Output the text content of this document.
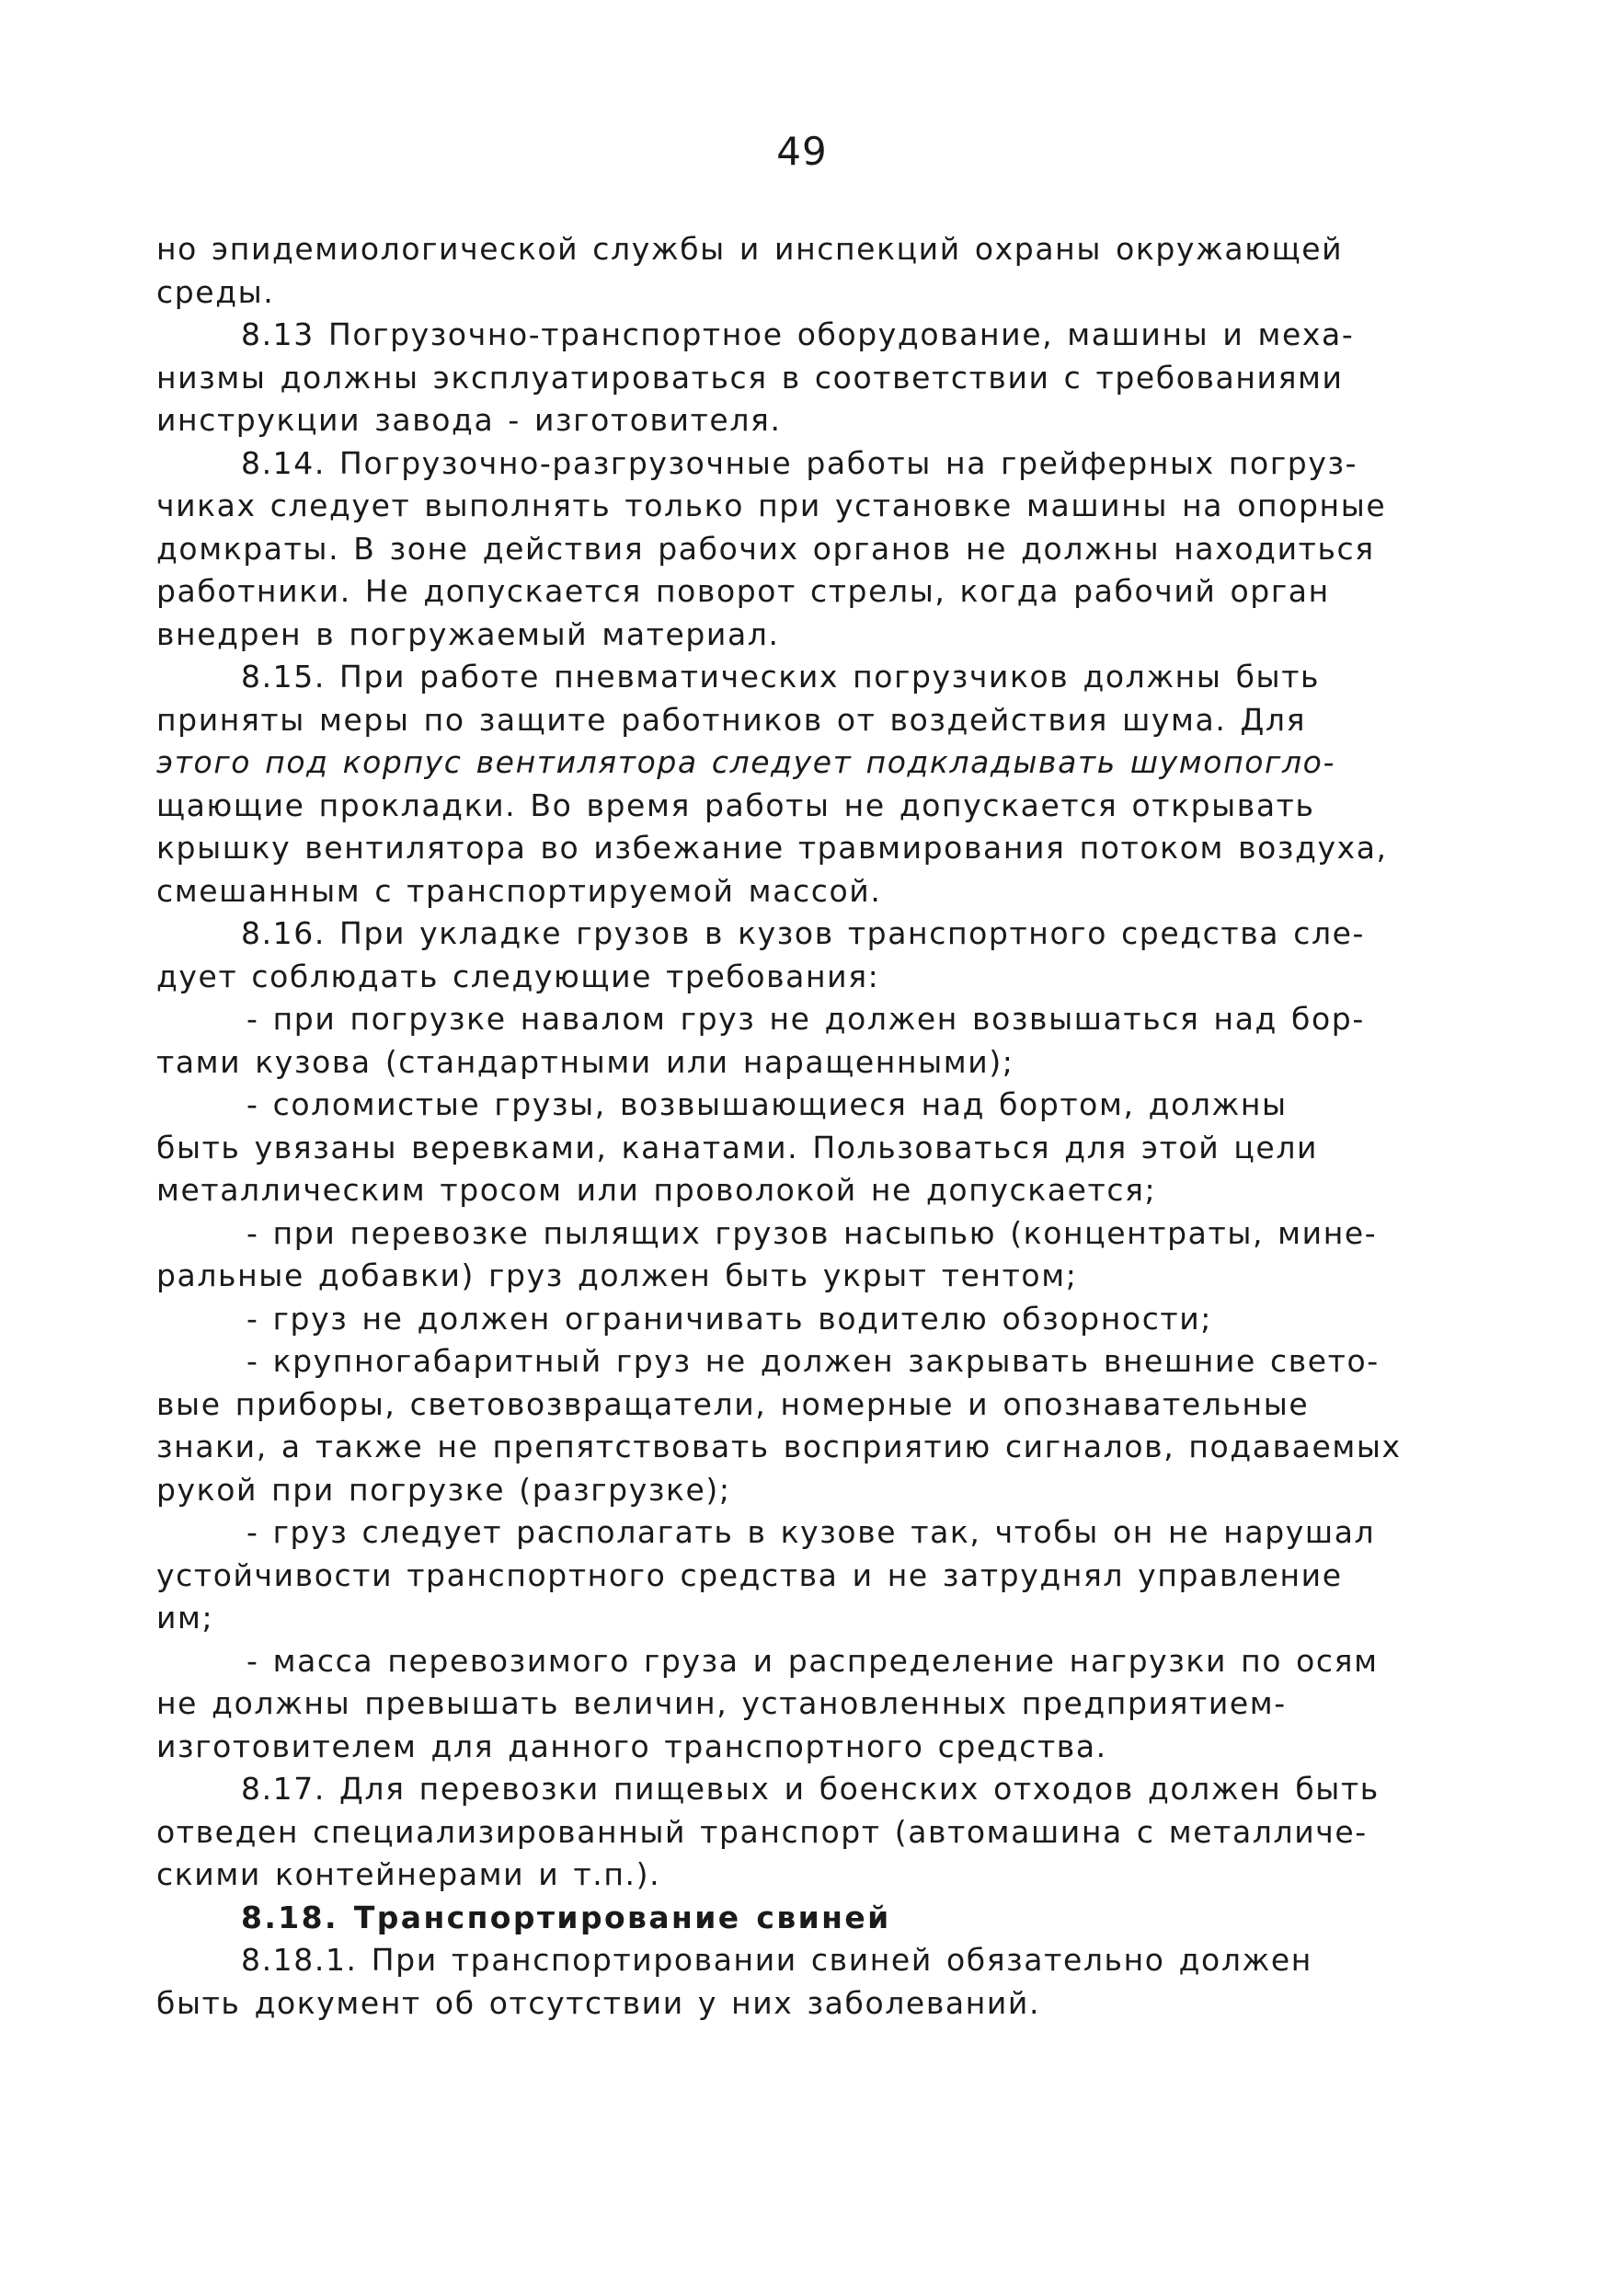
49
но эпидемиологической службы и инспекций охраны окружающей
среды.
8.13 Погрузочно-транспортное оборудование, машины и меха-
низмы должны эксплуатироваться в соответствии с требованиями
инструкции завода - изготовителя.
8.14. Погрузочно-разгрузочные работы на грейферных погруз-
чиках следует выполнять только при установке машины на опорные
домкраты. В зоне действия рабочих органов не должны находиться
работники. Не допускается поворот стрелы, когда рабочий орган
внедрен в погружаемый материал.
8.15. При работе пневматических погрузчиков должны быть
приняты меры по защите работников от воздействия шума. Для
этого под корпус вентилятора следует подкладывать шумопогло-
щающие прокладки. Во время работы не допускается открывать
крышку вентилятора во избежание травмирования потоком воздуха,
смешанным с транспортируемой массой.
8.16. При укладке грузов в кузов транспортного средства сле-
дует соблюдать следующие требования:
- при погрузке навалом груз не должен возвышаться над бор-
тами кузова (стандартными или наращенными);
- соломистые грузы, возвышающиеся над бортом, должны
быть увязаны веревками, канатами. Пользоваться для этой цели
металлическим тросом или проволокой не допускается;
- при перевозке пылящих грузов насыпью (концентраты, мине-
ральные добавки) груз должен быть укрыт тентом;
- груз не должен ограничивать водителю обзорности;
- крупногабаритный груз не должен закрывать внешние свето-
вые приборы, световозвращатели, номерные и опознавательные
знаки, а также не препятствовать восприятию сигналов, подаваемых
рукой при погрузке (разгрузке);
- груз следует располагать в кузове так, чтобы он не нарушал
устойчивости транспортного средства и не затруднял управление
им;
- масса перевозимого груза и распределение нагрузки по осям
не должны превышать величин, установленных предприятием-
изготовителем для данного транспортного средства.
8.17. Для перевозки пищевых и боенских отходов должен быть
отведен специализированный транспорт (автомашина с металличе-
скими контейнерами и т.п.).
8.18. Транспортирование свиней
8.18.1. При транспортировании свиней обязательно должен
быть документ об отсутствии у них заболеваний.
